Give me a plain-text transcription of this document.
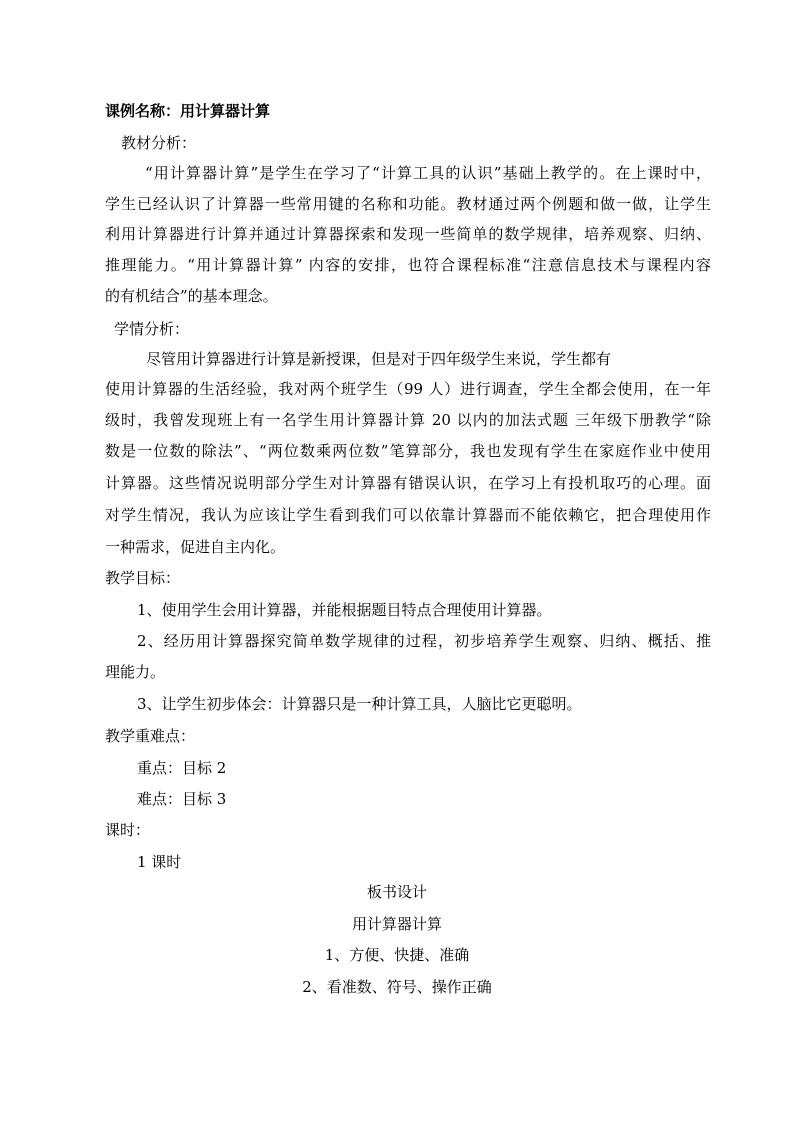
课例名称：用计算器计算
教材分析：
“用计算器计算”是学生在学习了“计算工具的认识”基础上教学的。在上课时中，
学生已经认识了计算器一些常用键的名称和功能。教材通过两个例题和做一做，让学生
利用计算器进行计算并通过计算器探索和发现一些简单的数学规律，培养观察、归纳、
推理能力。“用计算器计算” 内容的安排，也符合课程标准“注意信息技术与课程内容
的有机结合”的基本理念。
学情分析：
尽管用计算器进行计算是新授课，但是对于四年级学生来说，学生都有
使用计算器的生活经验，我对两个班学生（99 人）进行调查，学生全都会使用，在一年
级时，我曾发现班上有一名学生用计算器计算 20 以内的加法式题 三年级下册教学“除
数是一位数的除法”、“两位数乘两位数”笔算部分，我也发现有学生在家庭作业中使用
计算器。这些情况说明部分学生对计算器有错误认识，在学习上有投机取巧的心理。面
对学生情况，我认为应该让学生看到我们可以依靠计算器而不能依赖它，把合理使用作
一种需求，促进自主内化。
教学目标：
1、使用学生会用计算器，并能根据题目特点合理使用计算器。
2、经历用计算器探究简单数学规律的过程，初步培养学生观察、归纳、概括、推
理能力。
3、让学生初步体会：计算器只是一种计算工具，人脑比它更聪明。
教学重难点：
重点：目标 2
难点：目标 3
课时：
1 课时
板书设计
用计算器计算
1、方便、快捷、准确
2、看准数、符号、操作正确
